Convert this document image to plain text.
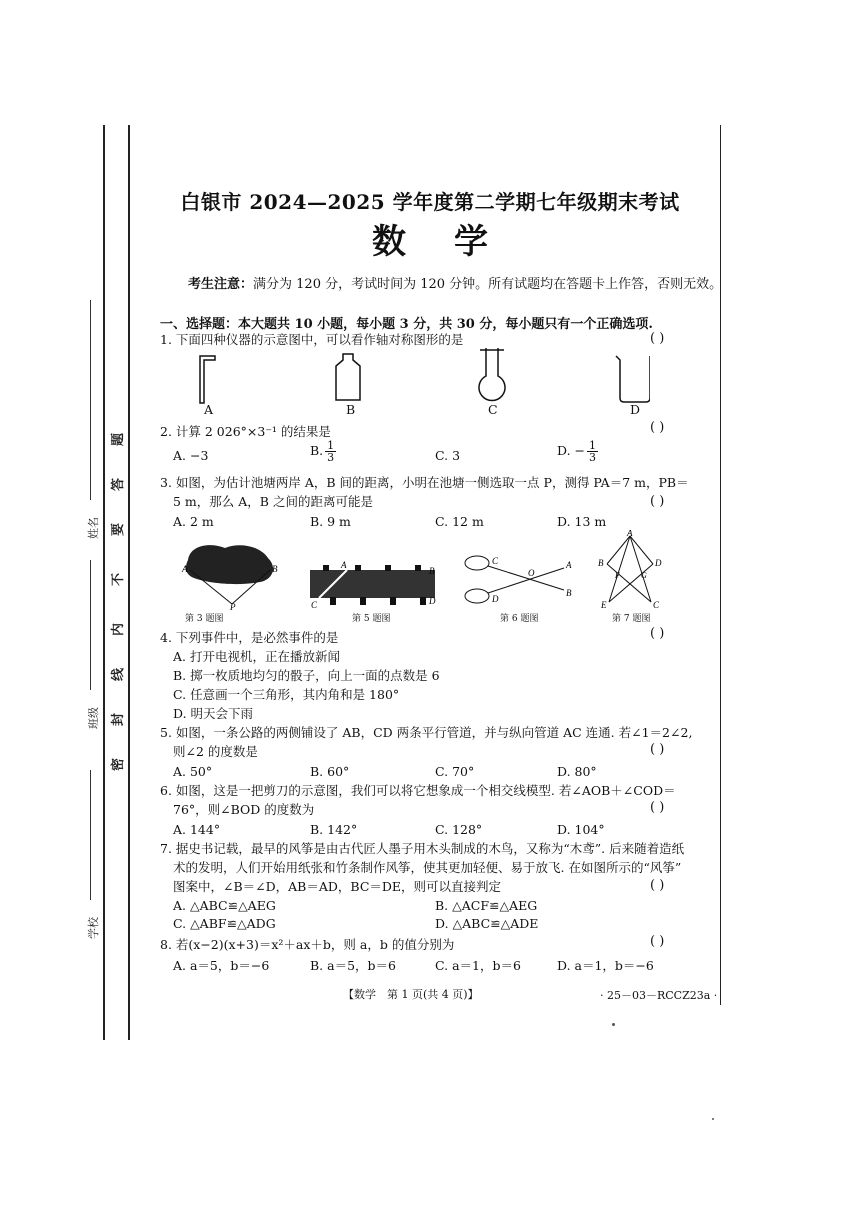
姓名
班级
学校
题
答
要
不
内
线
封
密
白银市 2024—2025 学年度第二学期七年级期末考试
数学
考生注意：满分为 120 分，考试时间为 120 分钟。所有试题均在答题卡上作答，否则无效。
一、选择题：本大题共 10 小题，每小题 3 分，共 30 分，每小题只有一个正确选项.
1. 下面四种仪器的示意图中，可以看作轴对称图形的是	( )
A	B	C	D
2. 计算 2 026°×3⁻¹ 的结果是	( )
A. −3	B. $\frac{1}{3}$	C. 3	D. − $\frac{1}{3}$
3. 如图，为估计池塘两岸 A，B 间的距离，小明在池塘一侧选取一点 P，测得 PA＝7 m，PB＝
5 m，那么 A，B 之间的距离可能是	( )
A. 2 m	B. 9 m	C. 12 m	D. 13 m
A	B
P
A
B
C	D
C
O
A
B
D
A
B	D
F	G
E	C
第 3 题图	第 5 题图	第 6 题图	第 7 题图
4. 下列事件中，是必然事件的是	( )
A. 打开电视机，正在播放新闻
B. 掷一枚质地均匀的骰子，向上一面的点数是 6
C. 任意画一个三角形，其内角和是 180°
D. 明天会下雨
5. 如图，一条公路的两侧铺设了 AB，CD 两条平行管道，并与纵向管道 AC 连通. 若∠1＝2∠2,
则∠2 的度数是	( )
A. 50°	B. 60°	C. 70°	D. 80°
6. 如图，这是一把剪刀的示意图，我们可以将它想象成一个相交线模型. 若∠AOB＋∠COD＝
76°，则∠BOD 的度数为	( )
A. 144°	B. 142°	C. 128°	D. 104°
7. 据史书记载，最早的风筝是由古代匠人墨子用木头制成的木鸟，又称为“木鸢”. 后来随着造纸
术的发明，人们开始用纸张和竹条制作风筝，使其更加轻便、易于放飞. 在如图所示的“风筝”
图案中，∠B＝∠D，AB＝AD，BC＝DE，则可以直接判定	( )
A. △ABC≌△AEG	B. △ACF≌△AEG
C. △ABF≌△ADG	D. △ABC≌△ADE
8. 若(x−2)(x+3)＝x²＋ax＋b，则 a，b 的值分别为	( )
A. a＝5，b＝−6	B. a＝5，b＝6	C. a＝1，b＝6	D. a＝1，b＝−6
【数学　第 1 页(共 4 页)】	· 25－03－RCCZ23a ·
